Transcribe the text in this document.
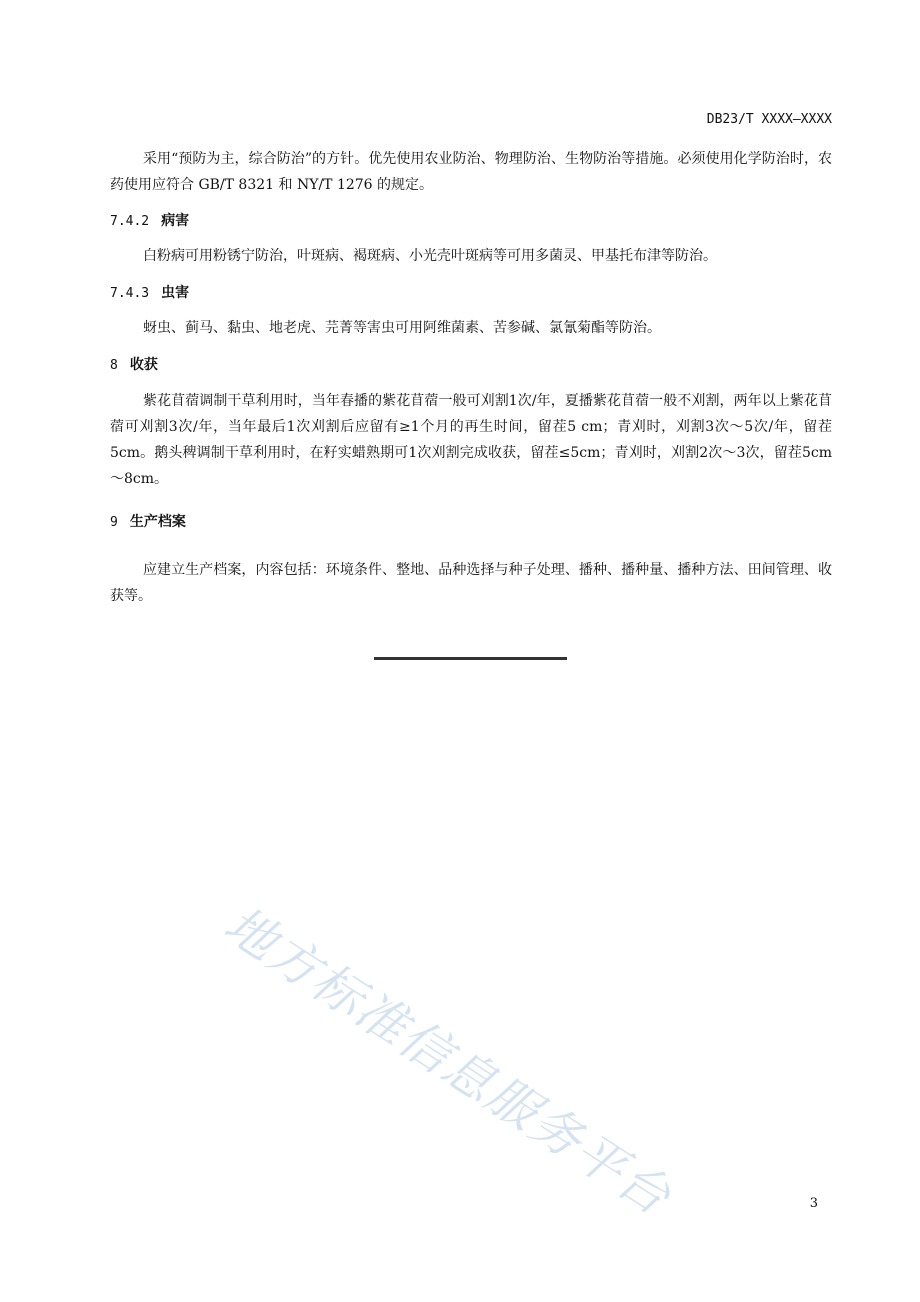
DB23/T XXXX—XXXX

采用“预防为主，综合防治”的方针。优先使用农业防治、物理防治、生物防治等措施。必须使用化学防治时，农药使用应符合 GB/T 8321 和 NY/T 1276 的规定。

7.4.2 病害

白粉病可用粉锈宁防治，叶斑病、褐斑病、小光壳叶斑病等可用多菌灵、甲基托布津等防治。

7.4.3 虫害

蚜虫、蓟马、黏虫、地老虎、芫菁等害虫可用阿维菌素、苦参碱、氯氰菊酯等防治。

8 收获

紫花苜蓿调制干草利用时，当年春播的紫花苜蓿一般可刈割1次/年，夏播紫花苜蓿一般不刈割，两年以上紫花苜蓿可刈割3次/年，当年最后1次刈割后应留有≥1个月的再生时间，留茬5 cm；青刈时，刈割3次～5次/年，留茬5cm。鹅头稗调制干草利用时，在籽实蜡熟期可1次刈割完成收获，留茬≤5cm；青刈时，刈割2次～3次，留茬5cm～8cm。

9 生产档案

应建立生产档案，内容包括：环境条件、整地、品种选择与种子处理、播种、播种量、播种方法、田间管理、收获等。

地方标准信息服务平台	3
